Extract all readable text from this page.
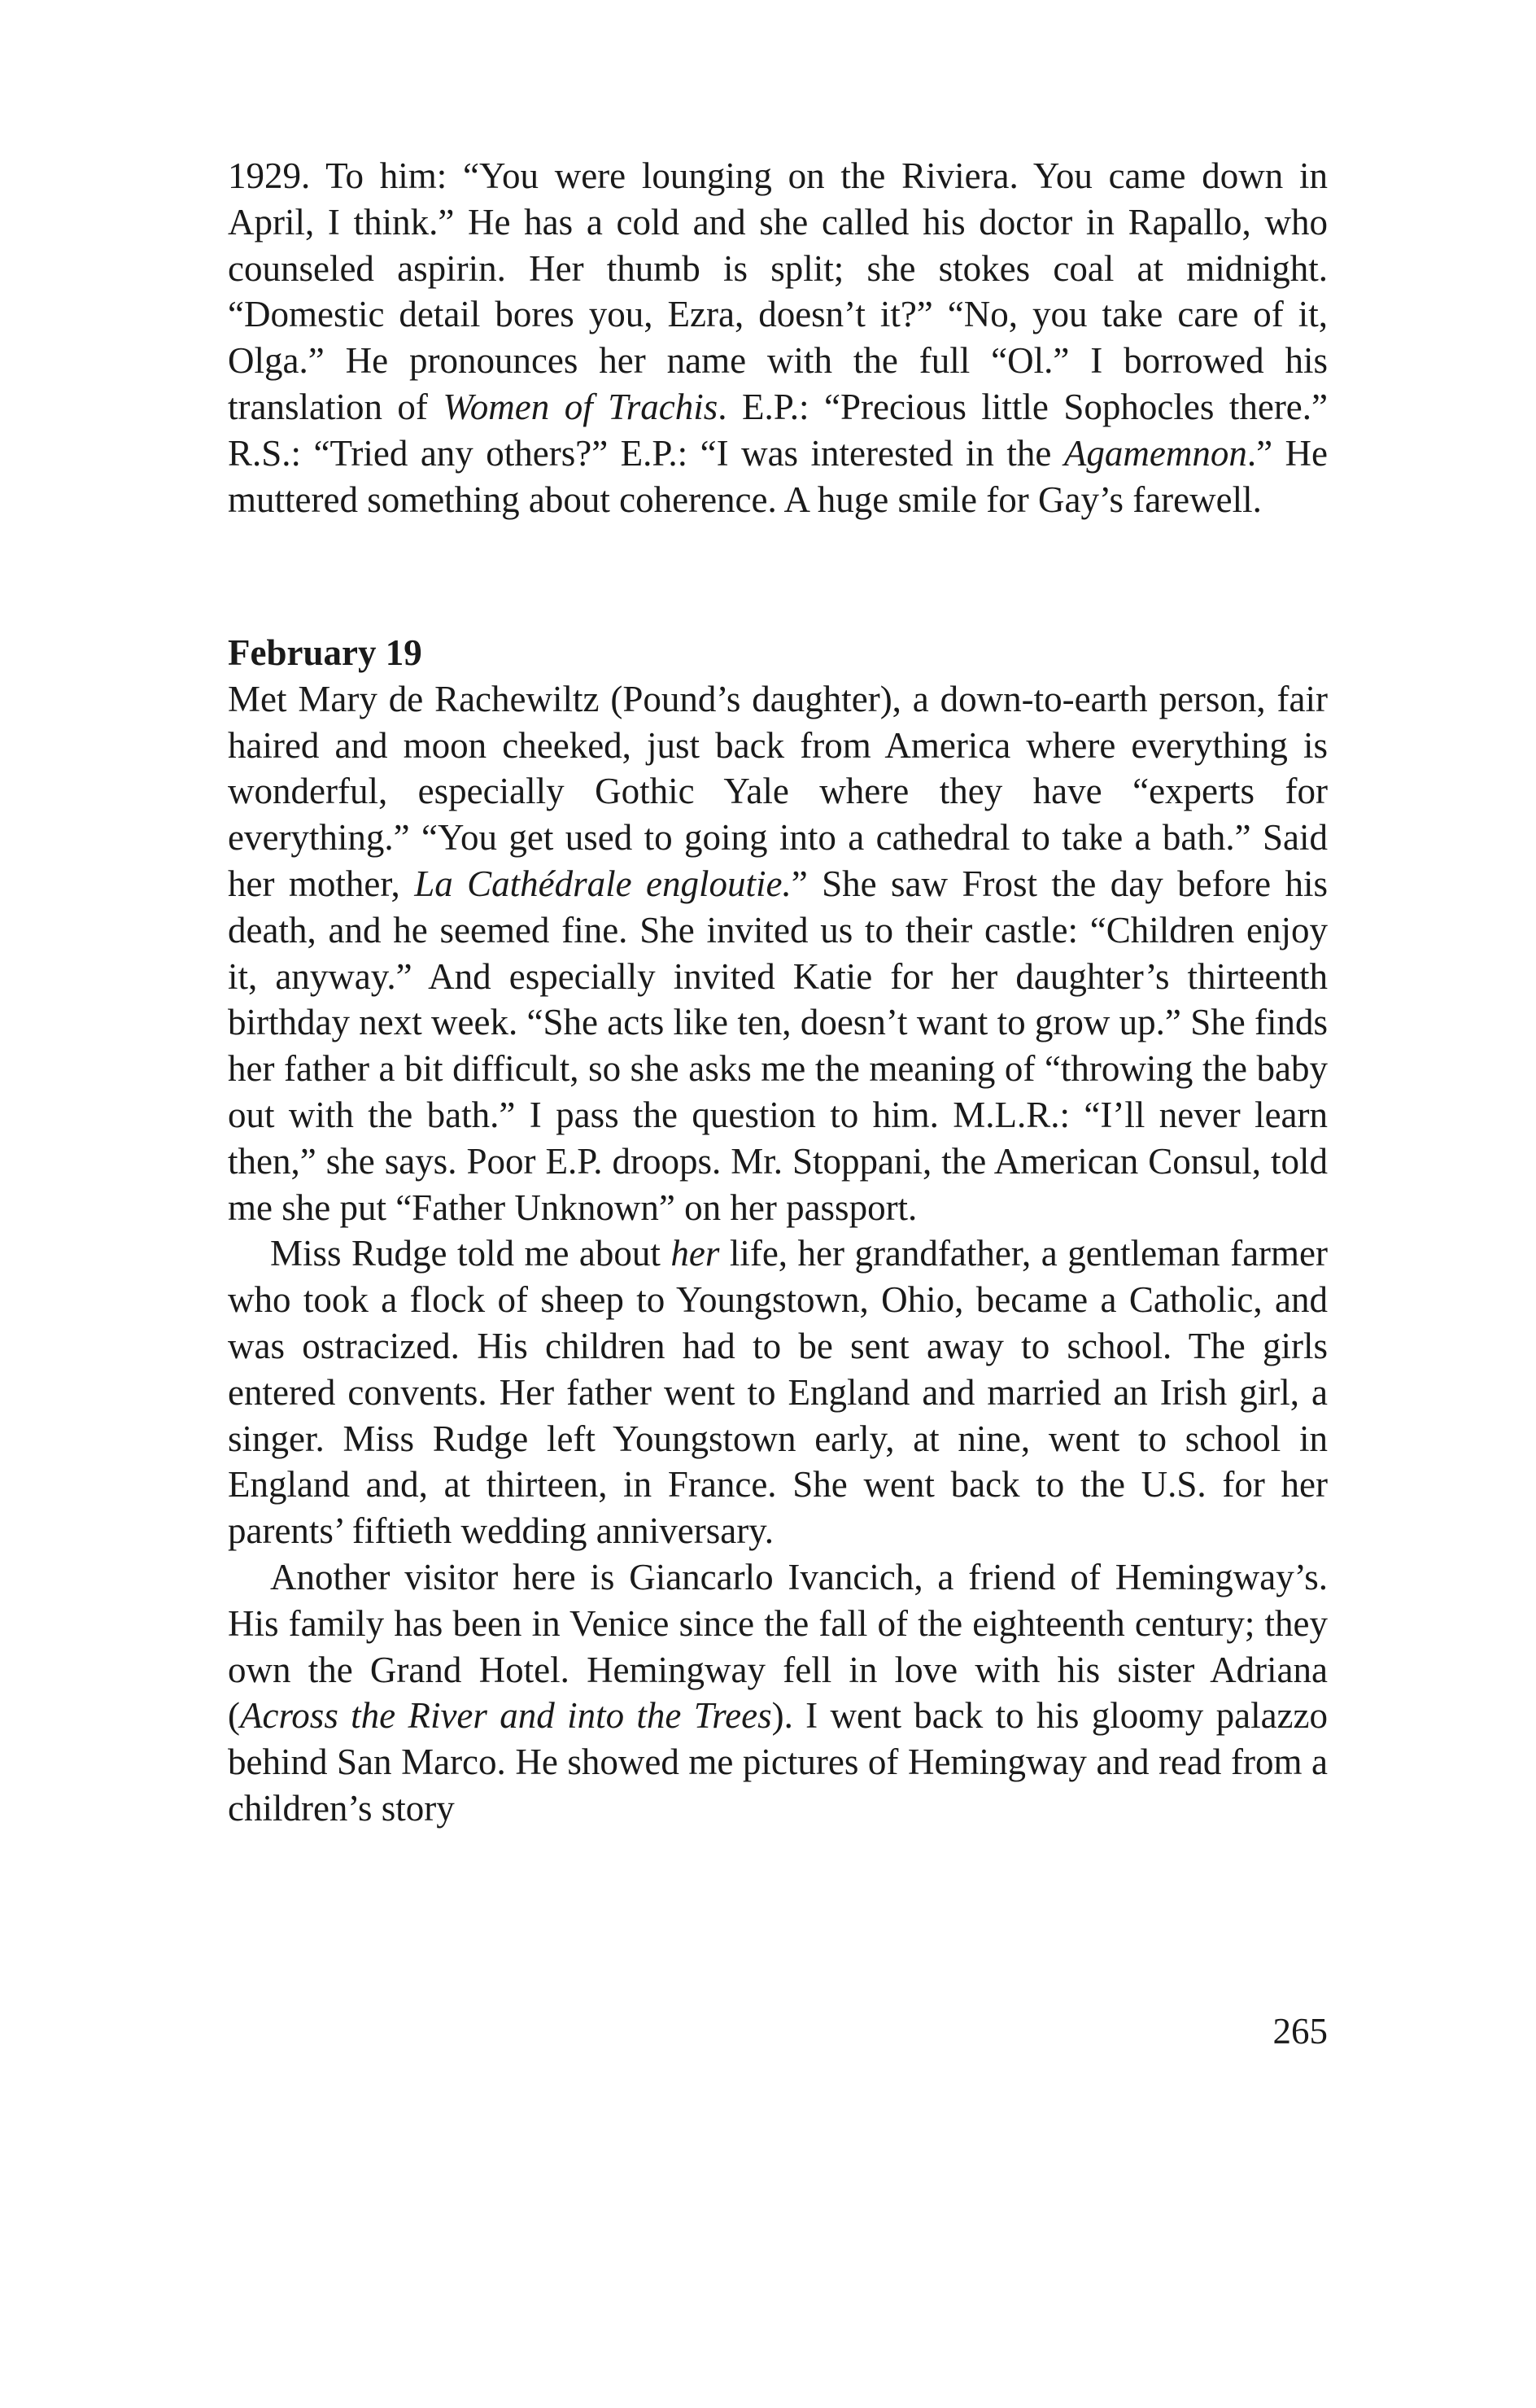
1929. To him: “You were lounging on the Riviera. You came down in April, I think.” He has a cold and she called his doctor in Rapallo, who counseled aspirin. Her thumb is split; she stokes coal at midnight. “Domestic detail bores you, Ezra, doesn’t it?” “No, you take care of it, Olga.” He pronounces her name with the full “Ol.” I borrowed his translation of Women of Trachis. E.P.: “Precious little Sophocles there.” R.S.: “Tried any others?” E.P.: “I was interested in the Agamemnon.” He muttered something about coherence. A huge smile for Gay’s farewell.

February 19

Met Mary de Rachewiltz (Pound’s daughter), a down-to-earth person, fair haired and moon cheeked, just back from America where everything is wonderful, especially Gothic Yale where they have “experts for everything.” “You get used to going into a cathedral to take a bath.” Said her mother, La Cathédrale engloutie.” She saw Frost the day before his death, and he seemed fine. She invited us to their castle: “Children enjoy it, anyway.” And especially invited Katie for her daughter’s thirteenth birthday next week. “She acts like ten, doesn’t want to grow up.” She finds her father a bit difficult, so she asks me the meaning of “throwing the baby out with the bath.” I pass the question to him. M.L.R.: “I’ll never learn then,” she says. Poor E.P. droops. Mr. Stoppani, the American Consul, told me she put “Father Unknown” on her passport.

Miss Rudge told me about her life, her grandfather, a gentleman farmer who took a flock of sheep to Youngstown, Ohio, became a Catholic, and was ostracized. His children had to be sent away to school. The girls entered convents. Her father went to England and married an Irish girl, a singer. Miss Rudge left Youngstown early, at nine, went to school in England and, at thirteen, in France. She went back to the U.S. for her parents’ fiftieth wedding anniversary.

Another visitor here is Giancarlo Ivancich, a friend of Hemingway’s. His family has been in Venice since the fall of the eighteenth century; they own the Grand Hotel. Hemingway fell in love with his sister Adriana (Across the River and into the Trees). I went back to his gloomy palazzo behind San Marco. He showed me pictures of Hemingway and read from a children’s story

265
